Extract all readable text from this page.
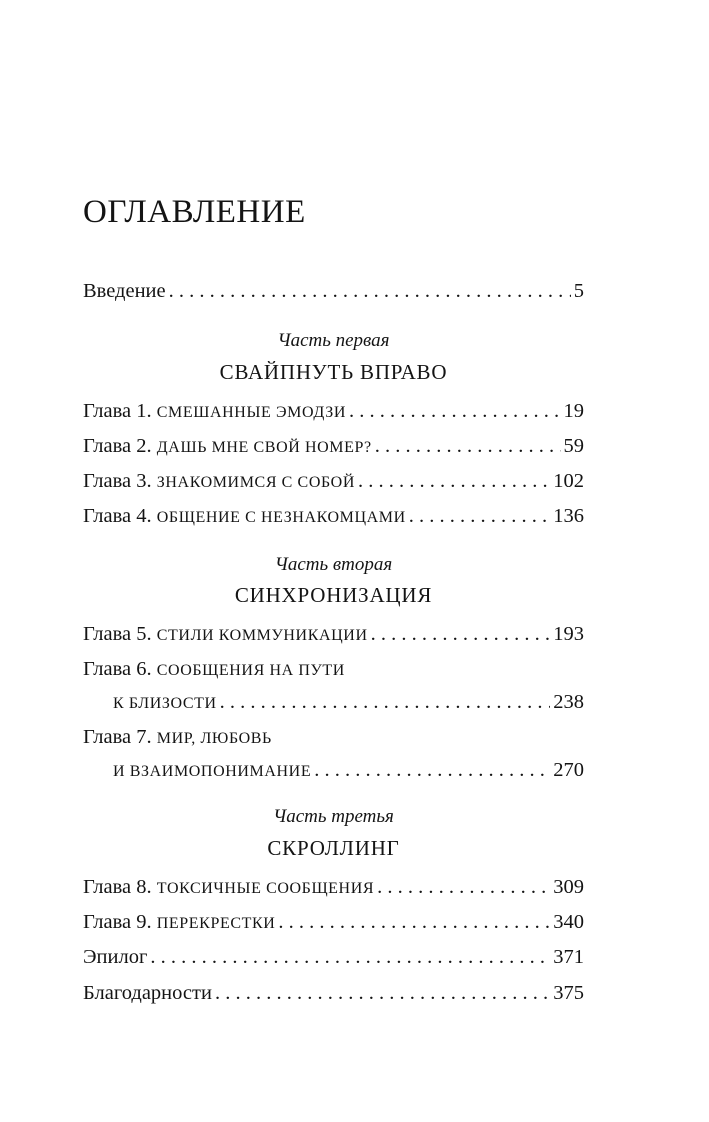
ОГЛАВЛЕНИЕ
Введение . . .	5
Часть первая
СВАЙПНУТЬ ВПРАВО
Глава 1. СМЕШАННЫЕ ЭМОДЗИ . . .	19
Глава 2. ДАШЬ МНЕ СВОЙ НОМЕР? . . .	59
Глава 3. ЗНАКОМИМСЯ С СОБОЙ . . .	102
Глава 4. ОБЩЕНИЕ С НЕЗНАКОМЦАМИ . . .	136
Часть вторая
СИНХРОНИЗАЦИЯ
Глава 5. СТИЛИ КОММУНИКАЦИИ . . .	193
Глава 6. СООБЩЕНИЯ НА ПУТИ
К БЛИЗОСТИ . . .	238
Глава 7. МИР, ЛЮБОВЬ
И ВЗАИМОПОНИМАНИЕ . . .	270
Часть третья
СКРОЛЛИНГ
Глава 8. ТОКСИЧНЫЕ СООБЩЕНИЯ . . .	309
Глава 9. ПЕРЕКРЕСТКИ . . .	340
Эпилог . . .	371
Благодарности . . .	375
